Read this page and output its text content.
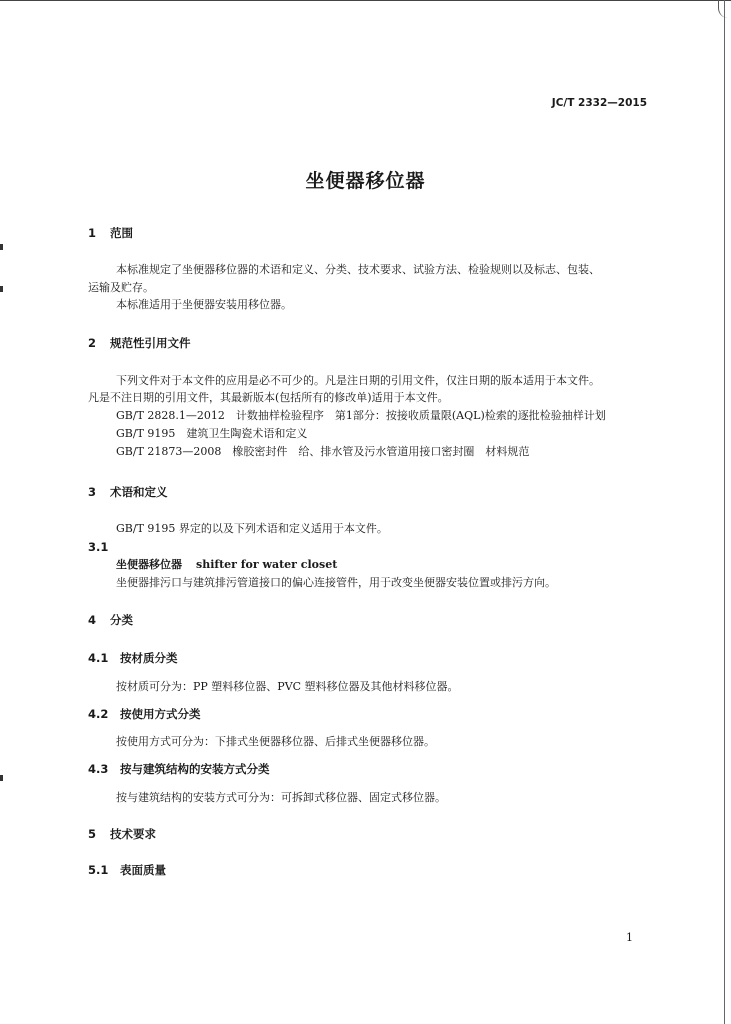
JC/T 2332—2015
坐便器移位器
1 范围
本标准规定了坐便器移位器的术语和定义、分类、技术要求、试验方法、检验规则以及标志、包装、
运输及贮存。
本标准适用于坐便器安装用移位器。
2 规范性引用文件
下列文件对于本文件的应用是必不可少的。凡是注日期的引用文件，仅注日期的版本适用于本文件。
凡是不注日期的引用文件，其最新版本(包括所有的修改单)适用于本文件。
GB/T 2828.1—2012　计数抽样检验程序　第1部分：按接收质量限(AQL)检索的逐批检验抽样计划
GB/T 9195　建筑卫生陶瓷术语和定义
GB/T 21873—2008　橡胶密封件　给、排水管及污水管道用接口密封圈　材料规范
3 术语和定义
GB/T 9195 界定的以及下列术语和定义适用于本文件。
3.1
坐便器移位器 shifter for water closet
坐便器排污口与建筑排污管道接口的偏心连接管件，用于改变坐便器安装位置或排污方向。
4 分类
4.1 按材质分类
按材质可分为：PP 塑料移位器、PVC 塑料移位器及其他材料移位器。
4.2 按使用方式分类
按使用方式可分为：下排式坐便器移位器、后排式坐便器移位器。
4.3 按与建筑结构的安装方式分类
按与建筑结构的安装方式可分为：可拆卸式移位器、固定式移位器。
5 技术要求
5.1 表面质量
1
